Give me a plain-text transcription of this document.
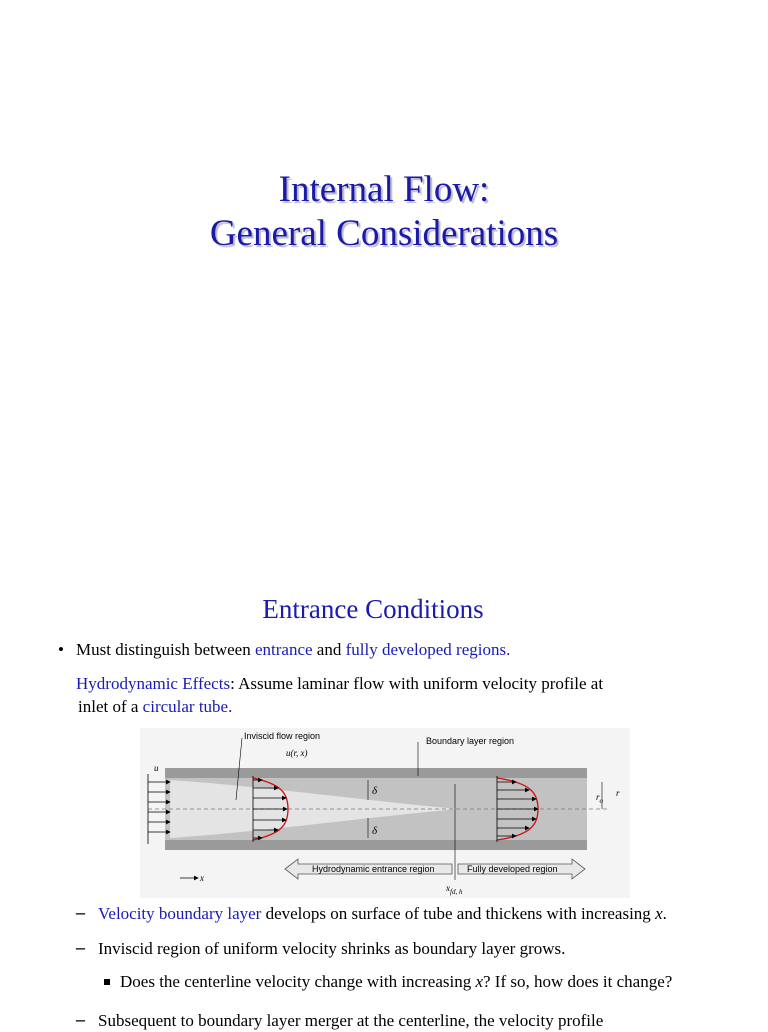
Internal Flow:
General Considerations
Entrance Conditions
• Must distinguish between entrance and fully developed regions.
Hydrodynamic Effects: Assume laminar flow with uniform velocity profile at
inlet of a circular tube.
Inviscid flow region
u(r, x)
Boundary layer region
u
δ
δ
$r_o$
r
x
Hydrodynamic entrance region	Fully developed region
$x_{fd, h}$
– Velocity boundary layer develops on surface of tube and thickens with increasing x.
– Inviscid region of uniform velocity shrinks as boundary layer grows.
Does the centerline velocity change with increasing x? If so, how does it change?
– Subsequent to boundary layer merger at the centerline, the velocity profile
